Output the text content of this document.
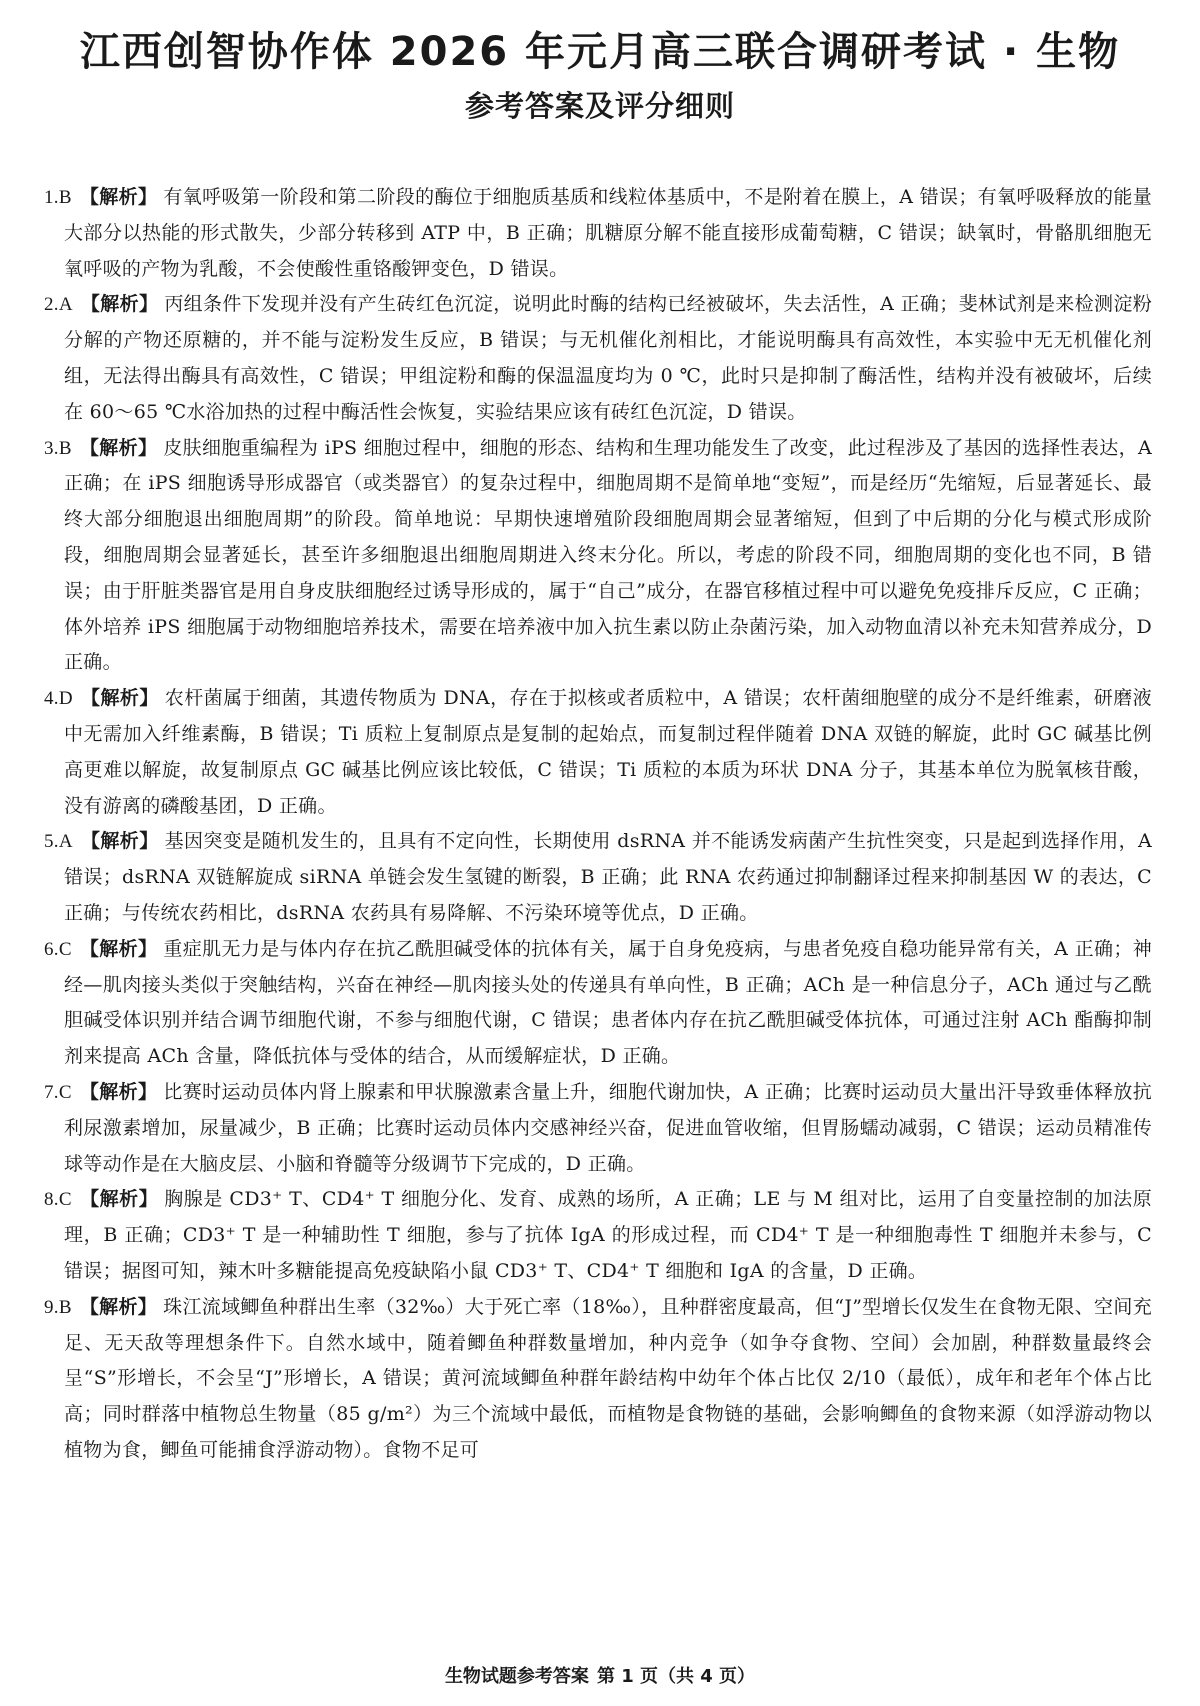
江西创智协作体 2026 年元月高三联合调研考试 · 生物
参考答案及评分细则

1.B 【解析】 有氧呼吸第一阶段和第二阶段的酶位于细胞质基质和线粒体基质中，不是附着在膜上，A 错误；有氧呼吸释放的能量大部分以热能的形式散失，少部分转移到 ATP 中，B 正确；肌糖原分解不能直接形成葡萄糖，C 错误；缺氧时，骨骼肌细胞无氧呼吸的产物为乳酸，不会使酸性重铬酸钾变色，D 错误。

2.A 【解析】 丙组条件下发现并没有产生砖红色沉淀，说明此时酶的结构已经被破坏，失去活性，A 正确；斐林试剂是来检测淀粉分解的产物还原糖的，并不能与淀粉发生反应，B 错误；与无机催化剂相比，才能说明酶具有高效性，本实验中无无机催化剂组，无法得出酶具有高效性，C 错误；甲组淀粉和酶的保温温度均为 0 ℃，此时只是抑制了酶活性，结构并没有被破坏，后续在 60～65 ℃水浴加热的过程中酶活性会恢复，实验结果应该有砖红色沉淀，D 错误。

3.B 【解析】 皮肤细胞重编程为 iPS 细胞过程中，细胞的形态、结构和生理功能发生了改变，此过程涉及了基因的选择性表达，A 正确；在 iPS 细胞诱导形成器官（或类器官）的复杂过程中，细胞周期不是简单地“变短”，而是经历“先缩短，后显著延长、最终大部分细胞退出细胞周期”的阶段。简单地说：早期快速增殖阶段细胞周期会显著缩短，但到了中后期的分化与模式形成阶段，细胞周期会显著延长，甚至许多细胞退出细胞周期进入终末分化。所以，考虑的阶段不同，细胞周期的变化也不同，B 错误；由于肝脏类器官是用自身皮肤细胞经过诱导形成的，属于“自己”成分，在器官移植过程中可以避免免疫排斥反应，C 正确；体外培养 iPS 细胞属于动物细胞培养技术，需要在培养液中加入抗生素以防止杂菌污染，加入动物血清以补充未知营养成分，D 正确。

4.D 【解析】 农杆菌属于细菌，其遗传物质为 DNA，存在于拟核或者质粒中，A 错误；农杆菌细胞壁的成分不是纤维素，研磨液中无需加入纤维素酶，B 错误；Ti 质粒上复制原点是复制的起始点，而复制过程伴随着 DNA 双链的解旋，此时 GC 碱基比例高更难以解旋，故复制原点 GC 碱基比例应该比较低，C 错误；Ti 质粒的本质为环状 DNA 分子，其基本单位为脱氧核苷酸，没有游离的磷酸基团，D 正确。

5.A 【解析】 基因突变是随机发生的，且具有不定向性，长期使用 dsRNA 并不能诱发病菌产生抗性突变，只是起到选择作用，A 错误；dsRNA 双链解旋成 siRNA 单链会发生氢键的断裂，B 正确；此 RNA 农药通过抑制翻译过程来抑制基因 W 的表达，C 正确；与传统农药相比，dsRNA 农药具有易降解、不污染环境等优点，D 正确。

6.C 【解析】 重症肌无力是与体内存在抗乙酰胆碱受体的抗体有关，属于自身免疫病，与患者免疫自稳功能异常有关，A 正确；神经—肌肉接头类似于突触结构，兴奋在神经—肌肉接头处的传递具有单向性，B 正确；ACh 是一种信息分子，ACh 通过与乙酰胆碱受体识别并结合调节细胞代谢，不参与细胞代谢，C 错误；患者体内存在抗乙酰胆碱受体抗体，可通过注射 ACh 酯酶抑制剂来提高 ACh 含量，降低抗体与受体的结合，从而缓解症状，D 正确。

7.C 【解析】 比赛时运动员体内肾上腺素和甲状腺激素含量上升，细胞代谢加快，A 正确；比赛时运动员大量出汗导致垂体释放抗利尿激素增加，尿量减少，B 正确；比赛时运动员体内交感神经兴奋，促进血管收缩，但胃肠蠕动减弱，C 错误；运动员精准传球等动作是在大脑皮层、小脑和脊髓等分级调节下完成的，D 正确。

8.C 【解析】 胸腺是 CD3⁺ T、CD4⁺ T 细胞分化、发育、成熟的场所，A 正确；LE 与 M 组对比，运用了自变量控制的加法原理，B 正确；CD3⁺ T 是一种辅助性 T 细胞，参与了抗体 IgA 的形成过程，而 CD4⁺ T 是一种细胞毒性 T 细胞并未参与，C 错误；据图可知，辣木叶多糖能提高免疫缺陷小鼠 CD3⁺ T、CD4⁺ T 细胞和 IgA 的含量，D 正确。

9.B 【解析】 珠江流域鲫鱼种群出生率（32‰）大于死亡率（18‰），且种群密度最高，但“J”型增长仅发生在食物无限、空间充足、无天敌等理想条件下。自然水域中，随着鲫鱼种群数量增加，种内竞争（如争夺食物、空间）会加剧，种群数量最终会呈“S”形增长，不会呈“J”形增长，A 错误；黄河流域鲫鱼种群年龄结构中幼年个体占比仅 2/10（最低），成年和老年个体占比高；同时群落中植物总生物量（85 g/m²）为三个流域中最低，而植物是食物链的基础，会影响鲫鱼的食物来源（如浮游动物以植物为食，鲫鱼可能捕食浮游动物）。食物不足可

生物试题参考答案 第 1 页（共 4 页）
